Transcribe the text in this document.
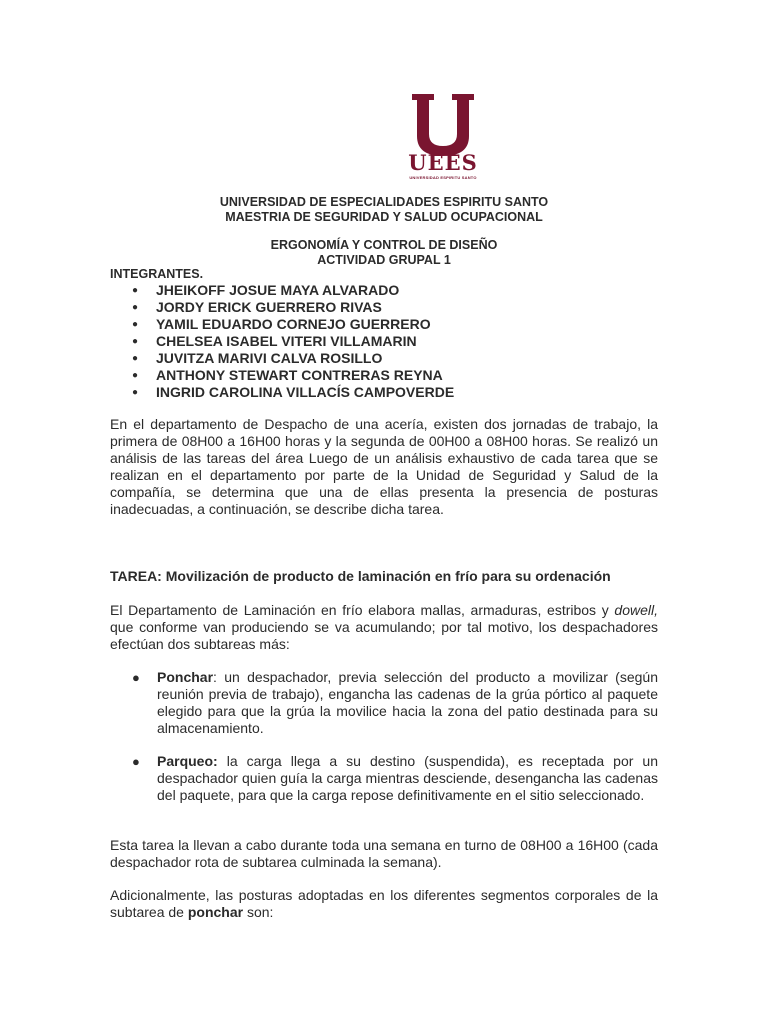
UEES
UNIVERSIDAD ESPIRITU SANTO
UNIVERSIDAD DE ESPECIALIDADES ESPIRITU SANTO
MAESTRIA DE SEGURIDAD Y SALUD OCUPACIONAL
ERGONOMÍA Y CONTROL DE DISEÑO
ACTIVIDAD GRUPAL 1
INTEGRANTES.
● JHEIKOFF JOSUE MAYA ALVARADO
● JORDY ERICK GUERRERO RIVAS
● YAMIL EDUARDO CORNEJO GUERRERO
● CHELSEA ISABEL VITERI VILLAMARIN
● JUVITZA MARIVI CALVA ROSILLO
● ANTHONY STEWART CONTRERAS REYNA
● INGRID CAROLINA VILLACÍS CAMPOVERDE

En el departamento de Despacho de una acería, existen dos jornadas de trabajo, la primera de 08H00 a 16H00 horas y la segunda de 00H00 a 08H00 horas. Se realizó un análisis de las tareas del área Luego de un análisis exhaustivo de cada tarea que se realizan en el departamento por parte de la Unidad de Seguridad y Salud de la compañía, se determina que una de ellas presenta la presencia de posturas inadecuadas, a continuación, se describe dicha tarea.

TAREA: Movilización de producto de laminación en frío para su ordenación

El Departamento de Laminación en frío elabora mallas, armaduras, estribos y dowell, que conforme van produciendo se va acumulando; por tal motivo, los despachadores efectúan dos subtareas más:

● Ponchar: un despachador, previa selección del producto a movilizar (según reunión previa de trabajo), engancha las cadenas de la grúa pórtico al paquete elegido para que la grúa la movilice hacia la zona del patio destinada para su almacenamiento.
● Parqueo: la carga llega a su destino (suspendida), es receptada por un despachador quien guía la carga mientras desciende, desengancha las cadenas del paquete, para que la carga repose definitivamente en el sitio seleccionado.

Esta tarea la llevan a cabo durante toda una semana en turno de 08H00 a 16H00 (cada despachador rota de subtarea culminada la semana).

Adicionalmente, las posturas adoptadas en los diferentes segmentos corporales de la subtarea de ponchar son:
